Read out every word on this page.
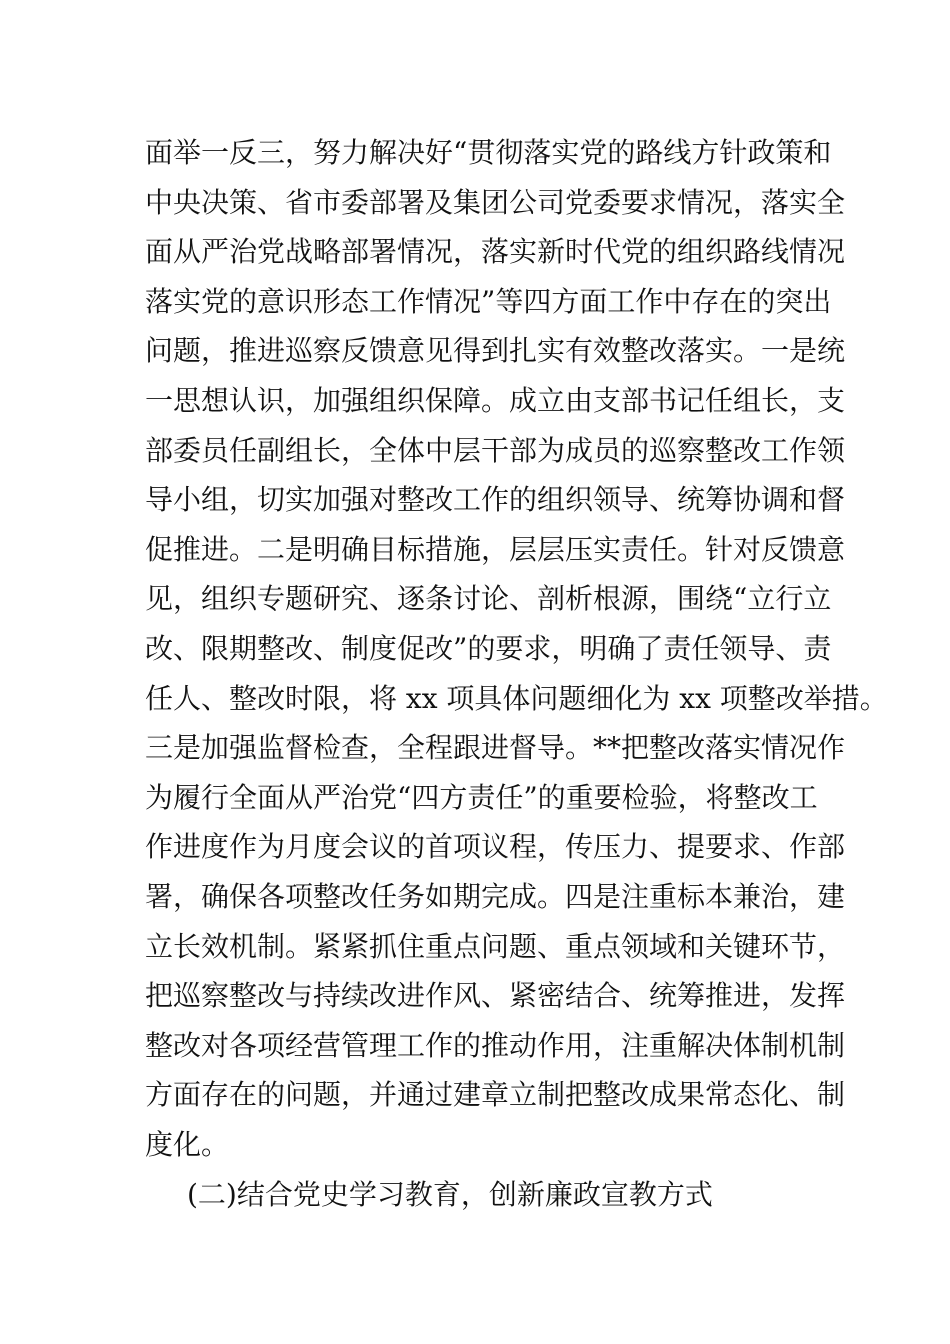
面举一反三，努力解决好“贯彻落实党的路线方针政策和
中央决策、省市委部署及集团公司党委要求情况，落实全
面从严治党战略部署情况，落实新时代党的组织路线情况
落实党的意识形态工作情况”等四方面工作中存在的突出
问题，推进巡察反馈意见得到扎实有效整改落实。一是统
一思想认识，加强组织保障。成立由支部书记任组长，支
部委员任副组长，全体中层干部为成员的巡察整改工作领
导小组，切实加强对整改工作的组织领导、统筹协调和督
促推进。二是明确目标措施，层层压实责任。针对反馈意
见，组织专题研究、逐条讨论、剖析根源，围绕“立行立
改、限期整改、制度促改”的要求，明确了责任领导、责
任人、整改时限，将 xx 项具体问题细化为 xx 项整改举措。
三是加强监督检查，全程跟进督导。**把整改落实情况作
为履行全面从严治党“四方责任”的重要检验，将整改工
作进度作为月度会议的首项议程，传压力、提要求、作部
署，确保各项整改任务如期完成。四是注重标本兼治，建
立长效机制。紧紧抓住重点问题、重点领域和关键环节，
把巡察整改与持续改进作风、紧密结合、统筹推进，发挥
整改对各项经营管理工作的推动作用，注重解决体制机制
方面存在的问题，并通过建章立制把整改成果常态化、制
度化。
(二)结合党史学习教育，创新廉政宣教方式
